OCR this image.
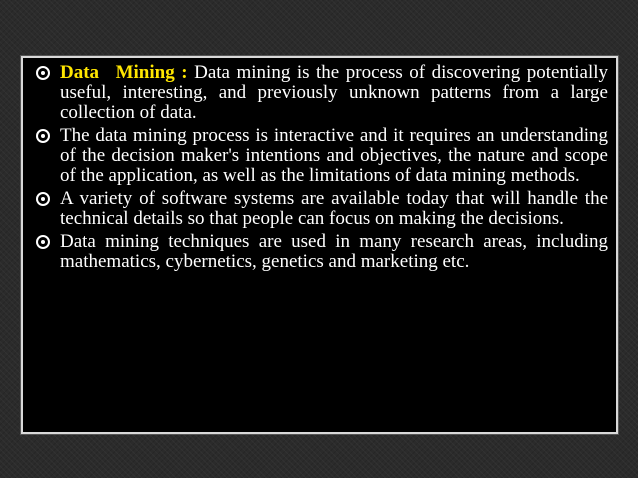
Data Mining : Data mining is the process of discovering potentially useful, interesting, and previously unknown patterns from a large collection of data.
The data mining process is interactive and it requires an understanding of the decision maker's intentions and objectives, the nature and scope of the application, as well as the limitations of data mining methods.
A variety of software systems are available today that will handle the technical details so that people can focus on making the decisions.
Data mining techniques are used in many research areas, including mathematics, cybernetics, genetics and marketing etc.
